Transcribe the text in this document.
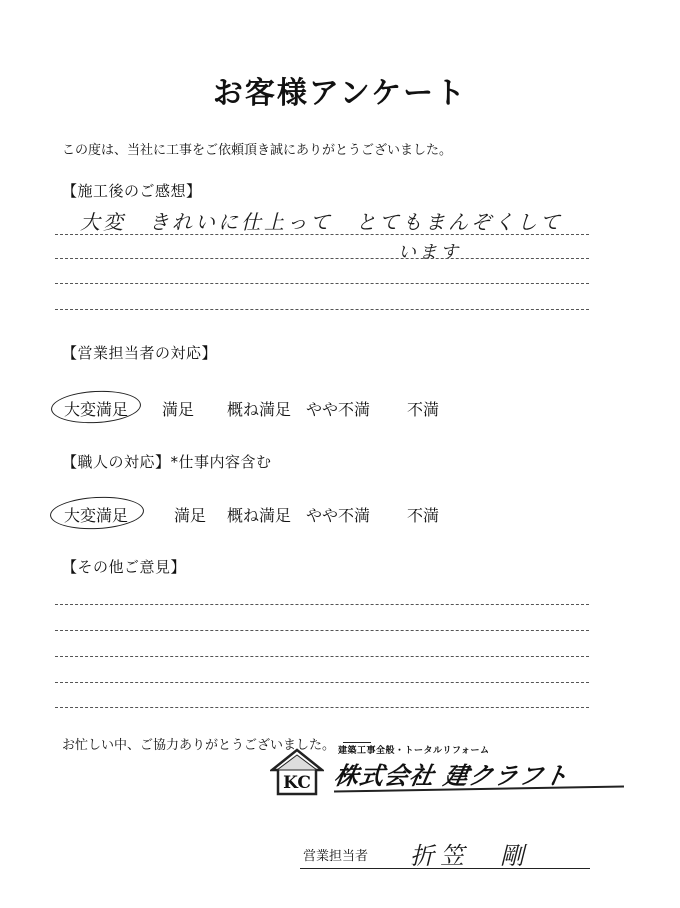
お客様アンケート
この度は、当社に工事をご依頼頂き誠にありがとうございました。
【施工後のご感想】
大変　きれいに仕上って　とてもまんぞくして
います
【営業担当者の対応】
大変満足 満足 概ね満足 やや不満 不満
【職人の対応】*仕事内容含む
大変満足	満足 概ね満足 やや不満 不満
【その他ご意見】
お忙しい中、ご協力ありがとうございました。
KC
建築工事全般・トータルリフォーム
株式会社 建クラフト
営業担当者 折笠　剛
